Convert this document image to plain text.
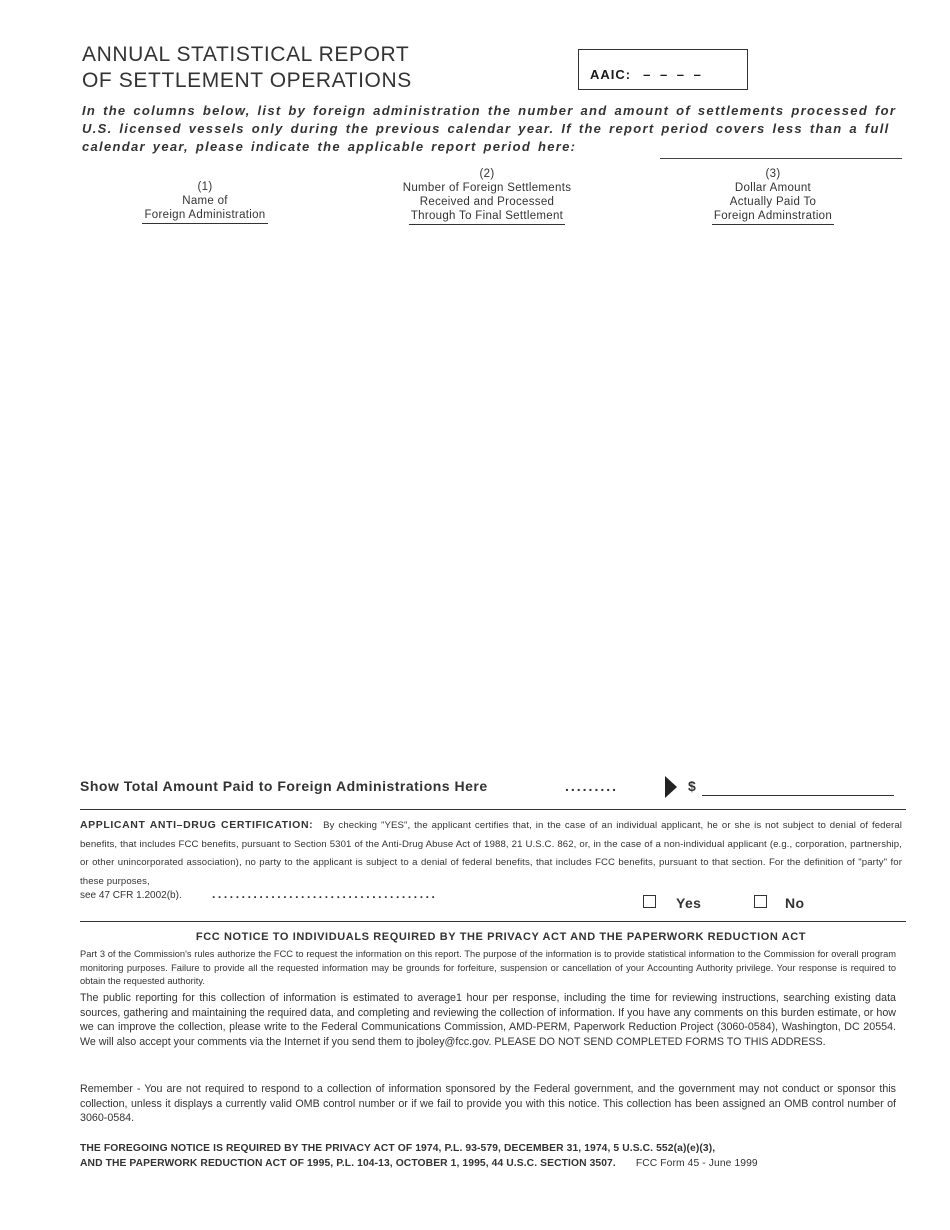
ANNUAL STATISTICAL REPORT
OF SETTLEMENT OPERATIONS	AAIC: – – – –

In the columns below, list by foreign administration the number and amount of settlements processed for U.S. licensed vessels only during the previous calendar year. If the report period covers less than a full calendar year, please indicate the applicable report period here:

(1)
Name of
Foreign Administration
(2)
Number of Foreign Settlements
Received and Processed
Through To Final Settlement
(3)
Dollar Amount
Actually Paid To
Foreign Adminstration
Show Total Amount Paid to Foreign Administrations Here	.........	$

APPLICANT ANTI–DRUG CERTIFICATION: By checking "YES", the applicant certifies that, in the case of an individual applicant, he or she is not subject to denial of federal benefits, that includes FCC benefits, pursuant to Section 5301 of the Anti-Drug Abuse Act of 1988, 21 U.S.C. 862, or, in the case of a non-individual applicant (e.g., corporation, partnership, or other unincorporated association), no party to the applicant is subject to a denial of federal benefits, that includes FCC benefits, pursuant to that section. For the definition of "party" for these purposes,

see 47 CFR 1.2002(b).	......................................
Yes	No

FCC NOTICE TO INDIVIDUALS REQUIRED BY THE PRIVACY ACT AND THE PAPERWORK REDUCTION ACT

Part 3 of the Commission's rules authorize the FCC to request the information on this report. The purpose of the information is to provide statistical information to the Commission for overall program monitoring purposes. Failure to provide all the requested information may be grounds for forfeiture, suspension or cancellation of your Accounting Authority privilege. Your response is required to obtain the requested authority.

The public reporting for this collection of information is estimated to average1 hour per response, including the time for reviewing instructions, searching existing data sources, gathering and maintaining the required data, and completing and reviewing the collection of information. If you have any comments on this burden estimate, or how we can improve the collection, please write to the Federal Communications Commission, AMD-PERM, Paperwork Reduction Project (3060-0584), Washington, DC 20554. We will also accept your comments via the Internet if you send them to jboley@fcc.gov. PLEASE DO NOT SEND COMPLETED FORMS TO THIS ADDRESS.

Remember - You are not required to respond to a collection of information sponsored by the Federal government, and the government may not conduct or sponsor this collection, unless it displays a currently valid OMB control number or if we fail to provide you with this notice. This collection has been assigned an OMB control number of 3060-0584.

THE FOREGOING NOTICE IS REQUIRED BY THE PRIVACY ACT OF 1974, P.L. 93-579, DECEMBER 31, 1974, 5 U.S.C. 552(a)(e)(3),
AND THE PAPERWORK REDUCTION ACT OF 1995, P.L. 104-13, OCTOBER 1, 1995, 44 U.S.C. SECTION 3507. FCC Form 45 - June 1999
